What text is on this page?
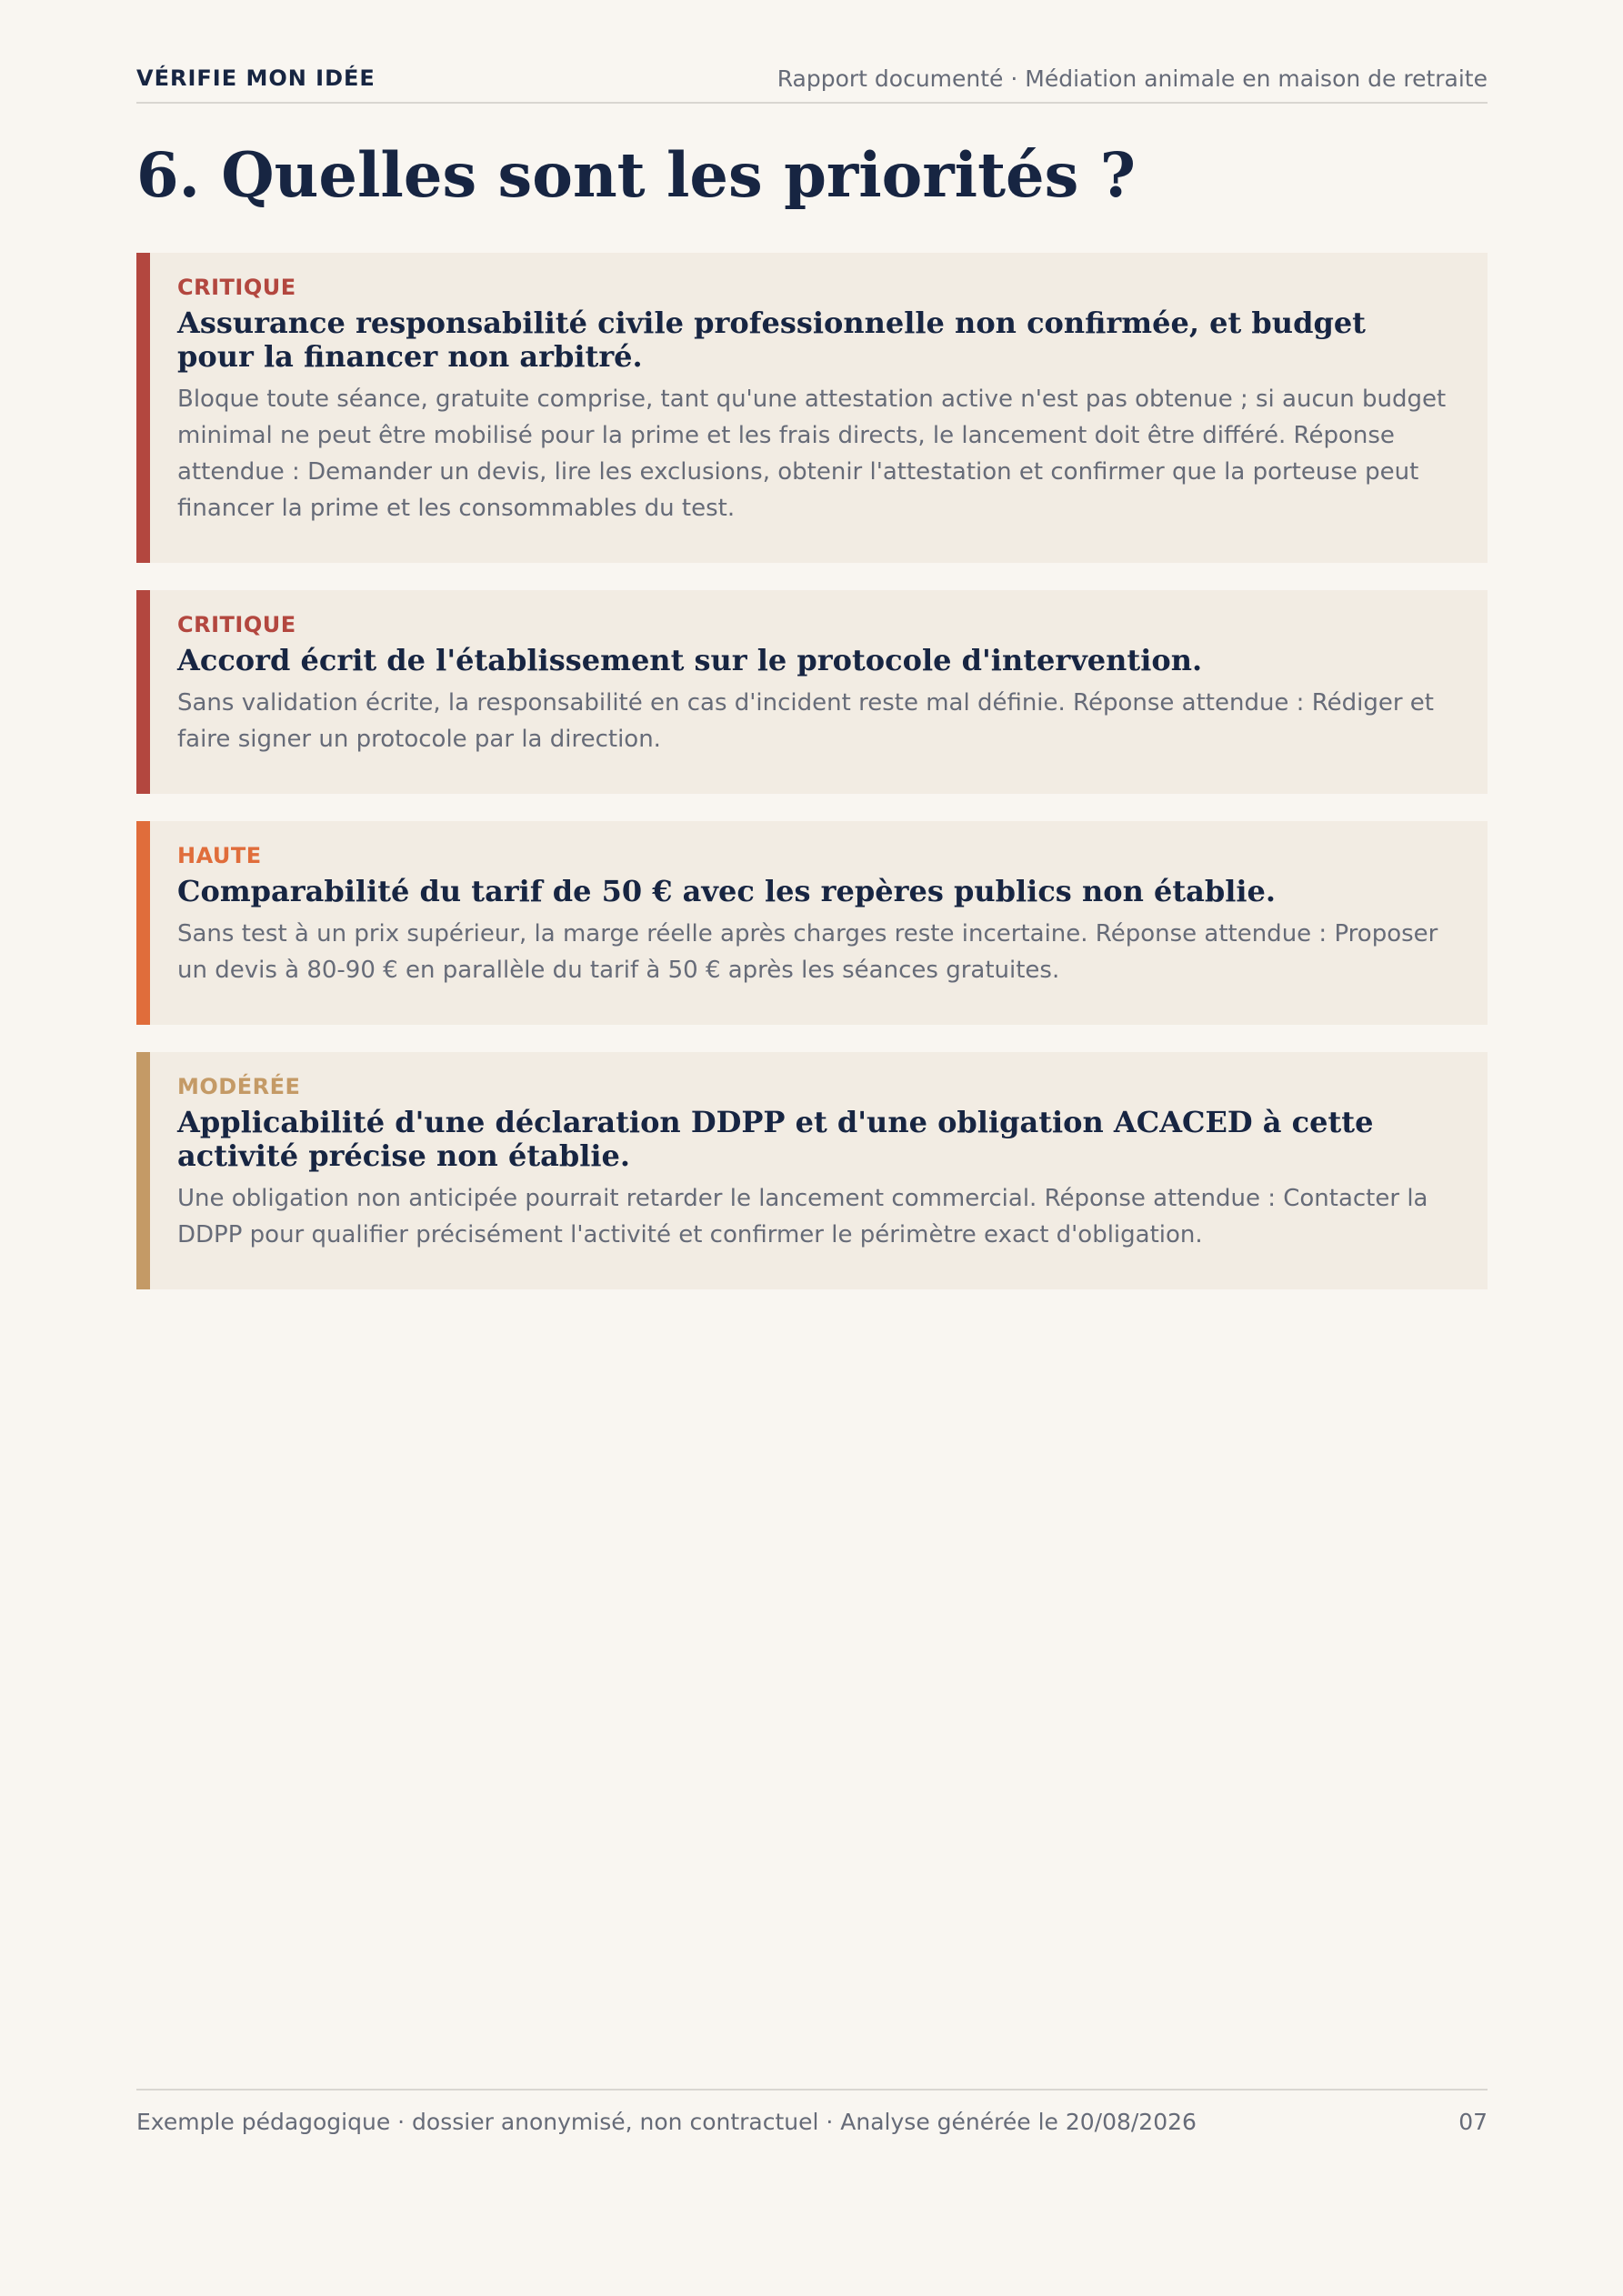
VÉRIFIE MON IDÉE	Rapport documenté · Médiation animale en maison de retraite
6. Quelles sont les priorités ?
CRITIQUE
Assurance responsabilité civile professionnelle non confirmée, et budget pour la financer non arbitré.

Bloque toute séance, gratuite comprise, tant qu'une attestation active n'est pas obtenue ; si aucun budget minimal ne peut être mobilisé pour la prime et les frais directs, le lancement doit être différé. Réponse attendue : Demander un devis, lire les exclusions, obtenir l'attestation et confirmer que la porteuse peut financer la prime et les consommables du test.

CRITIQUE
Accord écrit de l'établissement sur le protocole d'intervention.

Sans validation écrite, la responsabilité en cas d'incident reste mal définie. Réponse attendue : Rédiger et faire signer un protocole par la direction.

HAUTE
Comparabilité du tarif de 50 € avec les repères publics non établie.

Sans test à un prix supérieur, la marge réelle après charges reste incertaine. Réponse attendue : Proposer un devis à 80-90 € en parallèle du tarif à 50 € après les séances gratuites.

MODÉRÉE
Applicabilité d'une déclaration DDPP et d'une obligation ACACED à cette activité précise non établie.

Une obligation non anticipée pourrait retarder le lancement commercial. Réponse attendue : Contacter la DDPP pour qualifier précisément l'activité et confirmer le périmètre exact d'obligation.

Exemple pédagogique · dossier anonymisé, non contractuel · Analyse générée le 20/08/2026	07
